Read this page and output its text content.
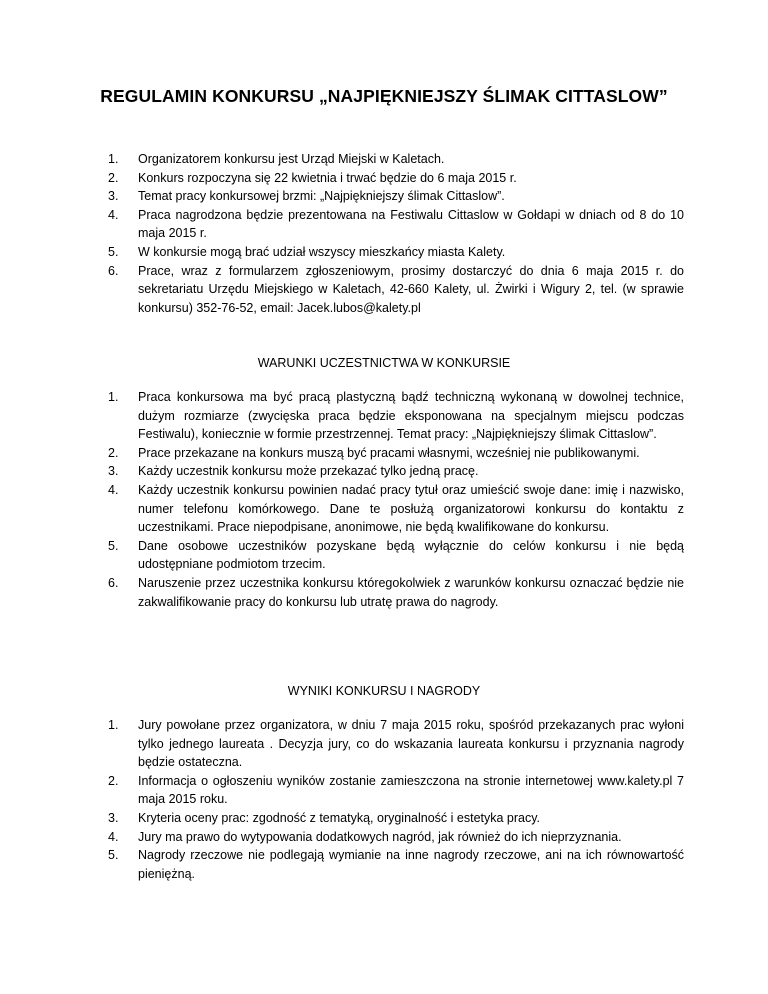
REGULAMIN KONKURSU „NAJPIĘKNIEJSZY ŚLIMAK CITTASLOW”
1. Organizatorem konkursu jest Urząd Miejski w Kaletach.
2. Konkurs rozpoczyna się 22 kwietnia i trwać będzie do 6 maja 2015 r.
3. Temat pracy konkursowej brzmi: „Najpiękniejszy ślimak Cittaslow”.
4. Praca nagrodzona będzie prezentowana na Festiwalu Cittaslow w Gołdapi w dniach od 8 do 10 maja 2015 r.
5. W konkursie mogą brać udział wszyscy mieszkańcy miasta Kalety.
6. Prace, wraz z formularzem zgłoszeniowym, prosimy dostarczyć do dnia 6 maja 2015 r. do sekretariatu Urzędu Miejskiego w Kaletach, 42-660 Kalety, ul. Żwirki i Wigury 2, tel. (w sprawie konkursu) 352-76-52, email: Jacek.lubos@kalety.pl
WARUNKI UCZESTNICTWA W KONKURSIE
1. Praca konkursowa ma być pracą plastyczną bądź techniczną wykonaną w dowolnej technice, dużym rozmiarze (zwycięska praca będzie eksponowana na specjalnym miejscu podczas Festiwalu), koniecznie w formie przestrzennej. Temat pracy: „Najpiękniejszy ślimak Cittaslow”.
2. Prace przekazane na konkurs muszą być pracami własnymi, wcześniej nie publikowanymi.
3. Każdy uczestnik konkursu może przekazać tylko jedną pracę.
4. Każdy uczestnik konkursu powinien nadać pracy tytuł oraz umieścić swoje dane: imię i nazwisko, numer telefonu komórkowego. Dane te posłużą organizatorowi konkursu do kontaktu z uczestnikami. Prace niepodpisane, anonimowe, nie będą kwalifikowane do konkursu.
5. Dane osobowe uczestników pozyskane będą wyłącznie do celów konkursu i nie będą udostępniane podmiotom trzecim.
6. Naruszenie przez uczestnika konkursu któregokolwiek z warunków konkursu oznaczać będzie nie zakwalifikowanie pracy do konkursu lub utratę prawa do nagrody.
WYNIKI KONKURSU I NAGRODY
1. Jury powołane przez organizatora, w dniu 7 maja 2015 roku, spośród przekazanych prac wyłoni tylko jednego laureata . Decyzja jury, co do wskazania laureata konkursu i przyznania nagrody będzie ostateczna.
2. Informacja o ogłoszeniu wyników zostanie zamieszczona na stronie internetowej www.kalety.pl 7 maja 2015 roku.
3. Kryteria oceny prac: zgodność z tematyką, oryginalność i estetyka pracy.
4. Jury ma prawo do wytypowania dodatkowych nagród, jak również do ich nieprzyznania.
5. Nagrody rzeczowe nie podlegają wymianie na inne nagrody rzeczowe, ani na ich równowartość pieniężną.
